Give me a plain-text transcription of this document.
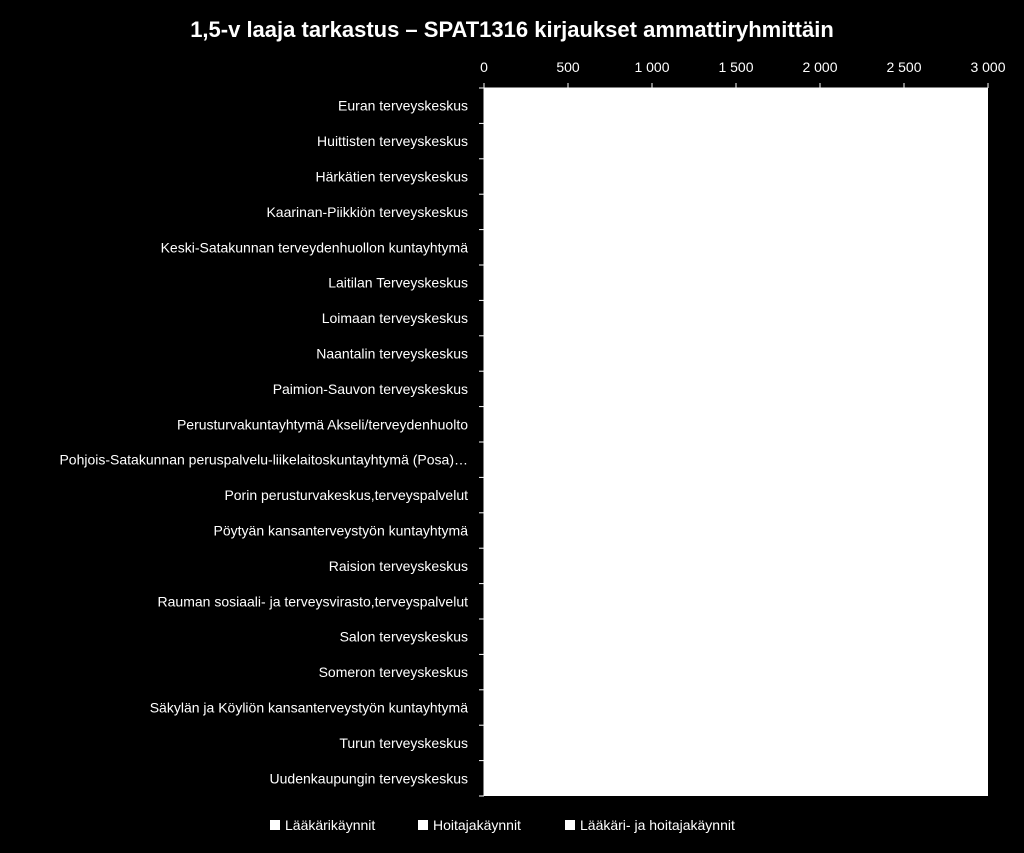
1,5-v laaja tarkastus – SPAT1316 kirjaukset ammattiryhmittäin
0	500	1 000	1 500	2 000	2 500	3 000
Euran terveyskeskus
Huittisten terveyskeskus
Härkätien terveyskeskus
Kaarinan-Piikkiön terveyskeskus
Keski-Satakunnan terveydenhuollon kuntayhtymä
Laitilan Terveyskeskus
Loimaan terveyskeskus
Naantalin terveyskeskus
Paimion-Sauvon terveyskeskus
Perusturvakuntayhtymä Akseli/terveydenhuolto
Pohjois-Satakunnan peruspalvelu-liikelaitoskuntayhtymä (Posa)…
Porin perusturvakeskus,terveyspalvelut
Pöytyän kansanterveystyön kuntayhtymä
Raision terveyskeskus
Rauman sosiaali- ja terveysvirasto,terveyspalvelut
Salon terveyskeskus
Someron terveyskeskus
Säkylän ja Köyliön kansanterveystyön kuntayhtymä
Turun terveyskeskus
Uudenkaupungin terveyskeskus
Lääkärikäynnit	Hoitajakäynnit	Lääkäri- ja hoitajakäynnit
